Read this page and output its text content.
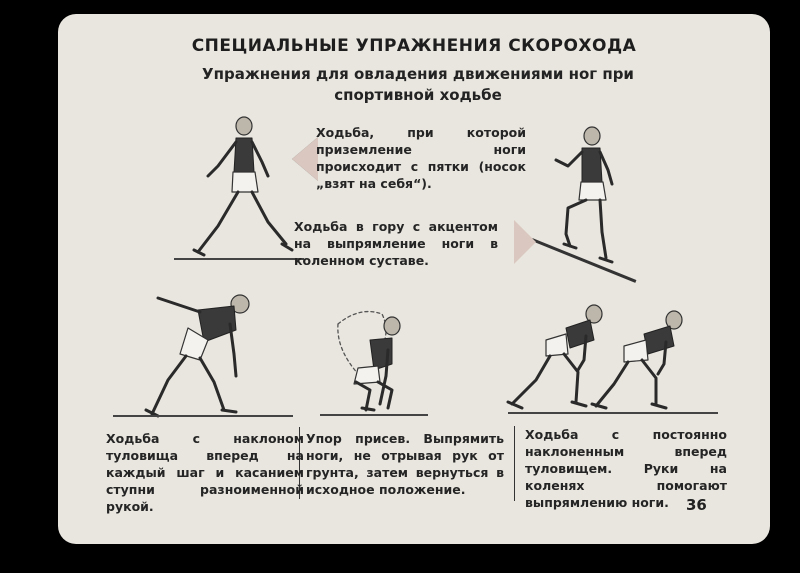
СПЕЦИАЛЬНЫЕ УПРАЖНЕНИЯ СКОРОХОДА
Упражнения для овладения движениями ног при спортивной ходьбе
Ходьба, при которой приземление ноги происходит с пятки (носок „взят на себя“).
Ходьба в гору с акцентом на выпрямление ноги в коленном суставе.
Ходьба с наклоном туловища вперед на каждый шаг и касанием ступни разноименной рукой.
Упор присев. Выпрямить ноги, не отрывая рук от грунта, затем вернуться в исходное положение.
Ходьба с постоянно наклоненным вперед туловищем. Руки на коленях помогают выпрямлению ноги.	36
